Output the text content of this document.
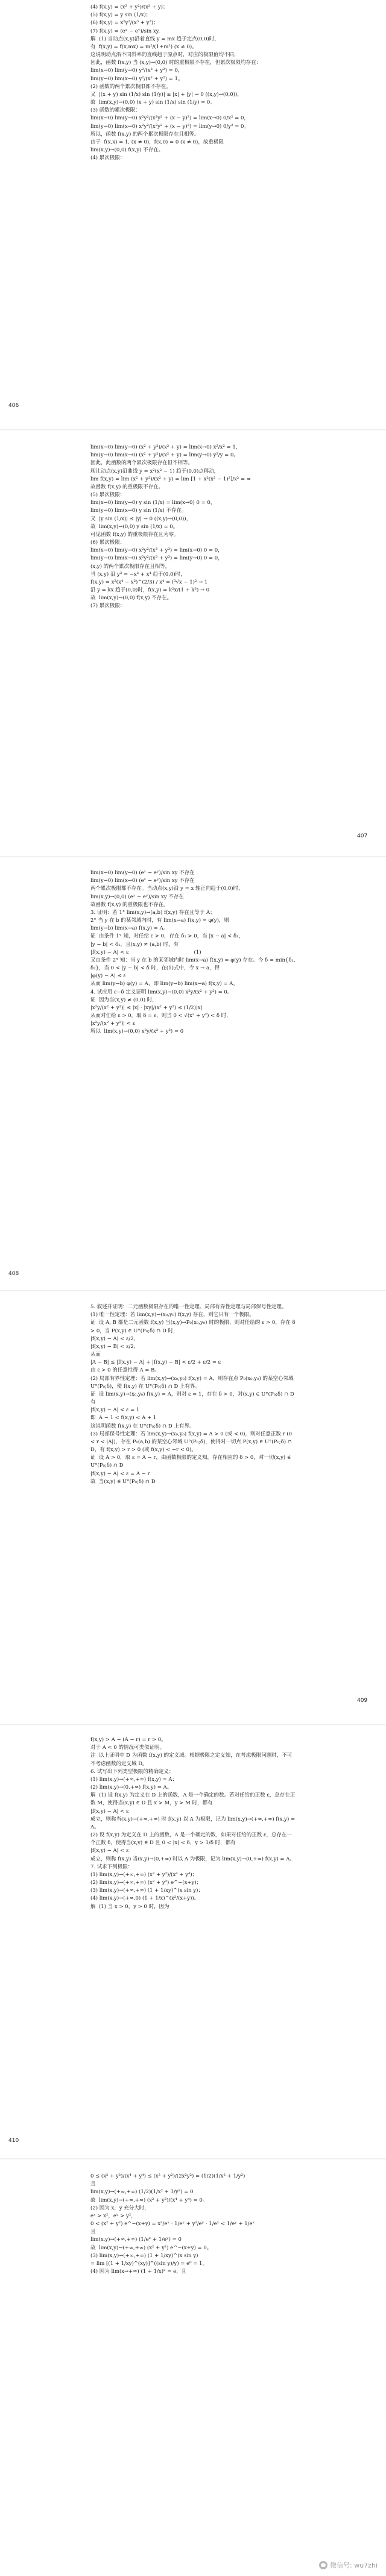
(4) f(x,y) = (x² + y²)/(x² + y)；
(5) f(x,y) = y sin (1/x)；
(6) f(x,y) = x²y²/(x³ + y³)；
(7) f(x,y) = (eˣ − eʸ)/sin xy.
解  (1) 当动点(x,y)沿着直线 y = mx 趋于定点(0,0)时，
有  f(x,y) = f(x,mx) = m²/(1+m²) (x ≠ 0)。
这说明动点沿不同斜率的直线趋于原点时，对应的极限值均不同，
因此，函数 f(x,y) 当 (x,y)→(0,0) 时的重极限不存在，但累次极限均存在：
lim(x→0) lim(y→0) y²/(x² + y²) = 0，
lim(y→0) lim(x→0) y²/(x² + y²) = 1。
(2) 函数的两个累次极限都不存在。
又  |(x + y) sin (1/x) sin (1/y)| ≤ |x| + |y| → 0 ((x,y)→(0,0))，
故  lim(x,y)→(0,0) (x + y) sin (1/x) sin (1/y) = 0。
(3) 函数的累次极限：
lim(x→0) lim(y→0) x²y²/(x²y² + (x − y)²) = lim(x→0) 0/x² = 0，
lim(y→0) lim(x→0) x²y²/(x²y² + (x − y)²) = lim(y→0) 0/y² = 0。
所以，函数 f(x,y) 的两个累次极限存在且相等。
由于  f(x,x) = 1, (x ≠ 0)，f(x,0) = 0 (x ≠ 0)，故重极限
lim(x,y)→(0,0) f(x,y) 不存在。
(4) 累次极限：
406
lim(x→0) lim(y→0) (x² + y²)/(x² + y) = lim(x→0) x²/x² = 1，
lim(y→0) lim(x→0) (x² + y²)/(x² + y) = lim(y→0) y²/y = 0。
因此，此函数的两个累次极限存在但不相等。
现让动点(x,y)沿曲线 y = x²(x² − 1) 趋于(0,0)点移动，
lim f(x,y) = lim (x² + y²)/(x² + y) = lim [1 + x²(x² − 1)²]/x² = ∞
故函数 f(x,y) 的重极限不存在。
(5) 累次极限：
lim(x→0) lim(y→0) y sin (1/x) = lim(x→0) 0 = 0，
lim(y→0) lim(x→0) y sin (1/x) 不存在。
又  |y sin (1/x)| ≤ |y| → 0 ((x,y)→(0,0))，
故  lim(x,y)→(0,0) y sin (1/x) = 0。
可见函数 f(x,y) 的重极限存在且为零。
(6) 累次极限：
lim(x→0) lim(y→0) x²y²/(x³ + y³) = lim(x→0) 0 = 0，
lim(y→0) lim(x→0) x²y²/(x³ + y³) = lim(y→0) 0 = 0，
(x,y) 的两个累次极限存在且相等。
当 (x,y) 沿 y³ = −x³ + x⁴ 趋于(0,0)时，
f(x,y) = x²(x⁴ − x³)^(2/3) / x⁴ = (³√x − 1)² → 1
沿 y = kx 趋于(0,0)时，f(x,y) = k²x/(1 + k³) → 0
故  lim(x,y)→(0,0) f(x,y) 不存在。
(7) 累次极限：
407
lim(x→0) lim(y→0) (eˣ − eʸ)/sin xy 不存在
lim(y→0) lim(x→0) (eˣ − eʸ)/sin xy 不存在
两个累次极限都不存在。当动点(x,y)沿 y = x 轴正向趋于(0,0)时，
lim(x,y)→(0,0) (eˣ − eʸ)/sin xy 不存在
故函数 f(x,y) 的重极限也不存在。
3. 证明：若 1° lim(x,y)→(a,b) f(x,y) 存在且等于 A；
2° 当 y 在 b 的某邻域内时，有 lim(x→a) f(x,y) = φ(y)，则
lim(y→b) lim(x→a) f(x,y) = A。
证  由条件 1° 知，对任给 ε > 0，存在 δ₁ > 0，当 |x − a| < δ₁，
|y − b| < δ₁，且(x,y) ≠ (a,b) 时，有
|f(x,y) − A| < ε                                        (1)
又由条件 2° 知：当 y 在 b 的某邻域内时 lim(x→a) f(x,y) = φ(y) 存在。今 δ = min{δ₁, δ₂}，当 0 < |y − b| < δ 时，在(1)式中，令 x → a，得
|φ(y) − A| ≤ ε
从而 lim(y→b) φ(y) = A，即 lim(y→b) lim(x→a) f(x,y) = A。
4. 试应用 ε−δ 定义证明 lim(x,y)→(0,0) x²y/(x² + y²) = 0。
证  因为当(x,y) ≠ (0,0) 时，
|x²y/(x² + y²)| ≤ |x| · |xy|/(x² + y²) ≤ (1/2)|x|
从而对任给 ε > 0，取 δ = ε，则当 0 < √(x² + y²) < δ 时，
|x²y/(x² + y²)| < ε
所以  lim(x,y)→(0,0) x²y/(x² + y²) = 0
408
5. 叙述并证明：二元函数极限存在的唯一性定理、局部有界性定理与局部保号性定理。
(1) 唯一性定理：若 lim(x,y)→(x₀,y₀) f(x,y) 存在，则它只有一个极限。
证  设 A, B 都是二元函数 f(x,y) 当(x,y)→P₀(x₀,y₀) 时的极限，则对任给的 ε > 0，存在 δ > 0，当 P(x,y) ∈ U°(P₀;δ) ∩ D 时，
|f(x,y) − A| < ε/2，
|f(x,y) − B| < ε/2，
从而
|A − B| ≤ |f(x,y) − A| + |f(x,y) − B| < ε/2 + ε/2 = ε
由 ε > 0 的任意性得 A = B。
(2) 局部有界性定理：若 lim(x,y)→(x₀,y₀) f(x,y) = A，则存在点 P₀(x₀,y₀) 的某空心邻域 U°(P₀;δ)，使 f(x,y) 在 U°(P₀;δ) ∩ D 上有界。
证  设 lim(x,y)→(x₀,y₀) f(x,y) = A，则对 ε = 1，存在 δ > 0，对(x,y) ∈ U°(P₀;δ) ∩ D 有
|f(x,y) − A| < ε = 1
即  A − 1 < f(x,y) < A + 1
这说明函数 f(x,y) 在 U°(P₀;δ) ∩ D 上有界。
(3) 局部保号性定理：若 lim(x,y)→(x₀,y₀) f(x,y) = A > 0 (或 < 0)，则对任意正数 r (0 < r < |A|)，存在 P₀(a,b) 的某空心邻域 U°(P₀;δ)，使得对一切点 P(x,y) ∈ U°(P₀;δ) ∩ D，有 f(x,y) > r > 0 (或 f(x,y) < −r < 0)。
证  设 A > 0，取 ε = A − r，由函数极限的定义知，存在相应的 δ > 0，对一切(x,y) ∈ U°(P₀;δ) ∩ D
|f(x,y) − A| < ε = A − r
故  当(x,y) ∈ U°(P₀;δ) ∩ D
409
f(x,y) > A − (A − r) = r > 0。
对于 A < 0 的情况可类似证明。
注  以上证明中 D 为函数 f(x,y) 的定义域。根据极限之定义知，在考虑极限问题时，不可不考虑函数的定义域 D。
6. 试写出下列类型极限的精确定义：
(1) lim(x,y)→(+∞,+∞) f(x,y) = A；
(2) lim(x,y)→(0,+∞) f(x,y) = A。
解  (1) 设 f(x,y) 为定义在 D 上的函数，A 是一个确定的数。若对任给的正数 ε，总存在正数 M，使得当(x,y) ∈ D 且 x > M，y > M 时，都有
|f(x,y) − A| < ε
成立，则称当(x,y)→(+∞,+∞) 时 f(x,y) 以 A 为极限，记为 lim(x,y)→(+∞,+∞) f(x,y) = A。
(2) 设 f(x,y) 为定义在 D 上的函数，A 是一个确定的数，如果对任给的正数 ε，总存在一个正数 δ，使得当(x,y) ∈ D 且 0 < |x| < δ，y > 1/δ 时，都有
|f(x,y) − A| < ε
成立，则称 f(x,y) 当(x,y)→(0,+∞) 时以 A 为极限，记为 lim(x,y)→(0,+∞) f(x,y) = A。
7. 试求下列极限：
(1) lim(x,y)→(+∞,+∞) (x² + y²)/(x⁴ + y⁴)；
(2) lim(x,y)→(+∞,+∞) (x² + y²) e^−(x+y)；
(3) lim(x,y)→(+∞,+∞) (1 + 1/xy)^(x sin y)；
(4) lim(x,y)→(+∞,0) (1 + 1/x)^(x²/(x+y))。
解  (1) 当 x > 0，y > 0 时，因为
410
0 ≤ (x² + y²)/(x⁴ + y⁴) ≤ (x² + y²)/(2x²y²) = (1/2)(1/x² + 1/y²)
且
lim(x,y)→(+∞,+∞) (1/2)(1/x² + 1/y²) = 0
故  lim(x,y)→(+∞,+∞) (x² + y²)/(x⁴ + y⁴) = 0。
(2) 因为 x，y 充分大时，
eˣ > x²，eʸ > y²，
0 < (x² + y²) e^−(x+y) = x²/eˣ · 1/eʸ + y²/eʸ · 1/eˣ < 1/eʸ + 1/eˣ
且
lim(x,y)→(+∞,+∞) (1/eˣ + 1/eʸ) = 0
故  lim(x,y)→(+∞,+∞) (x² + y²) e^−(x+y) = 0。
(3) lim(x,y)→(+∞,+∞) (1 + 1/xy)^(x sin y)
= lim [(1 + 1/xy)^(xy)]^((sin y)/y) = e⁰ = 1。
(4) 因为 lim(x→+∞) (1 + 1/x)ˣ = e，且
微信号: wu7zhi
